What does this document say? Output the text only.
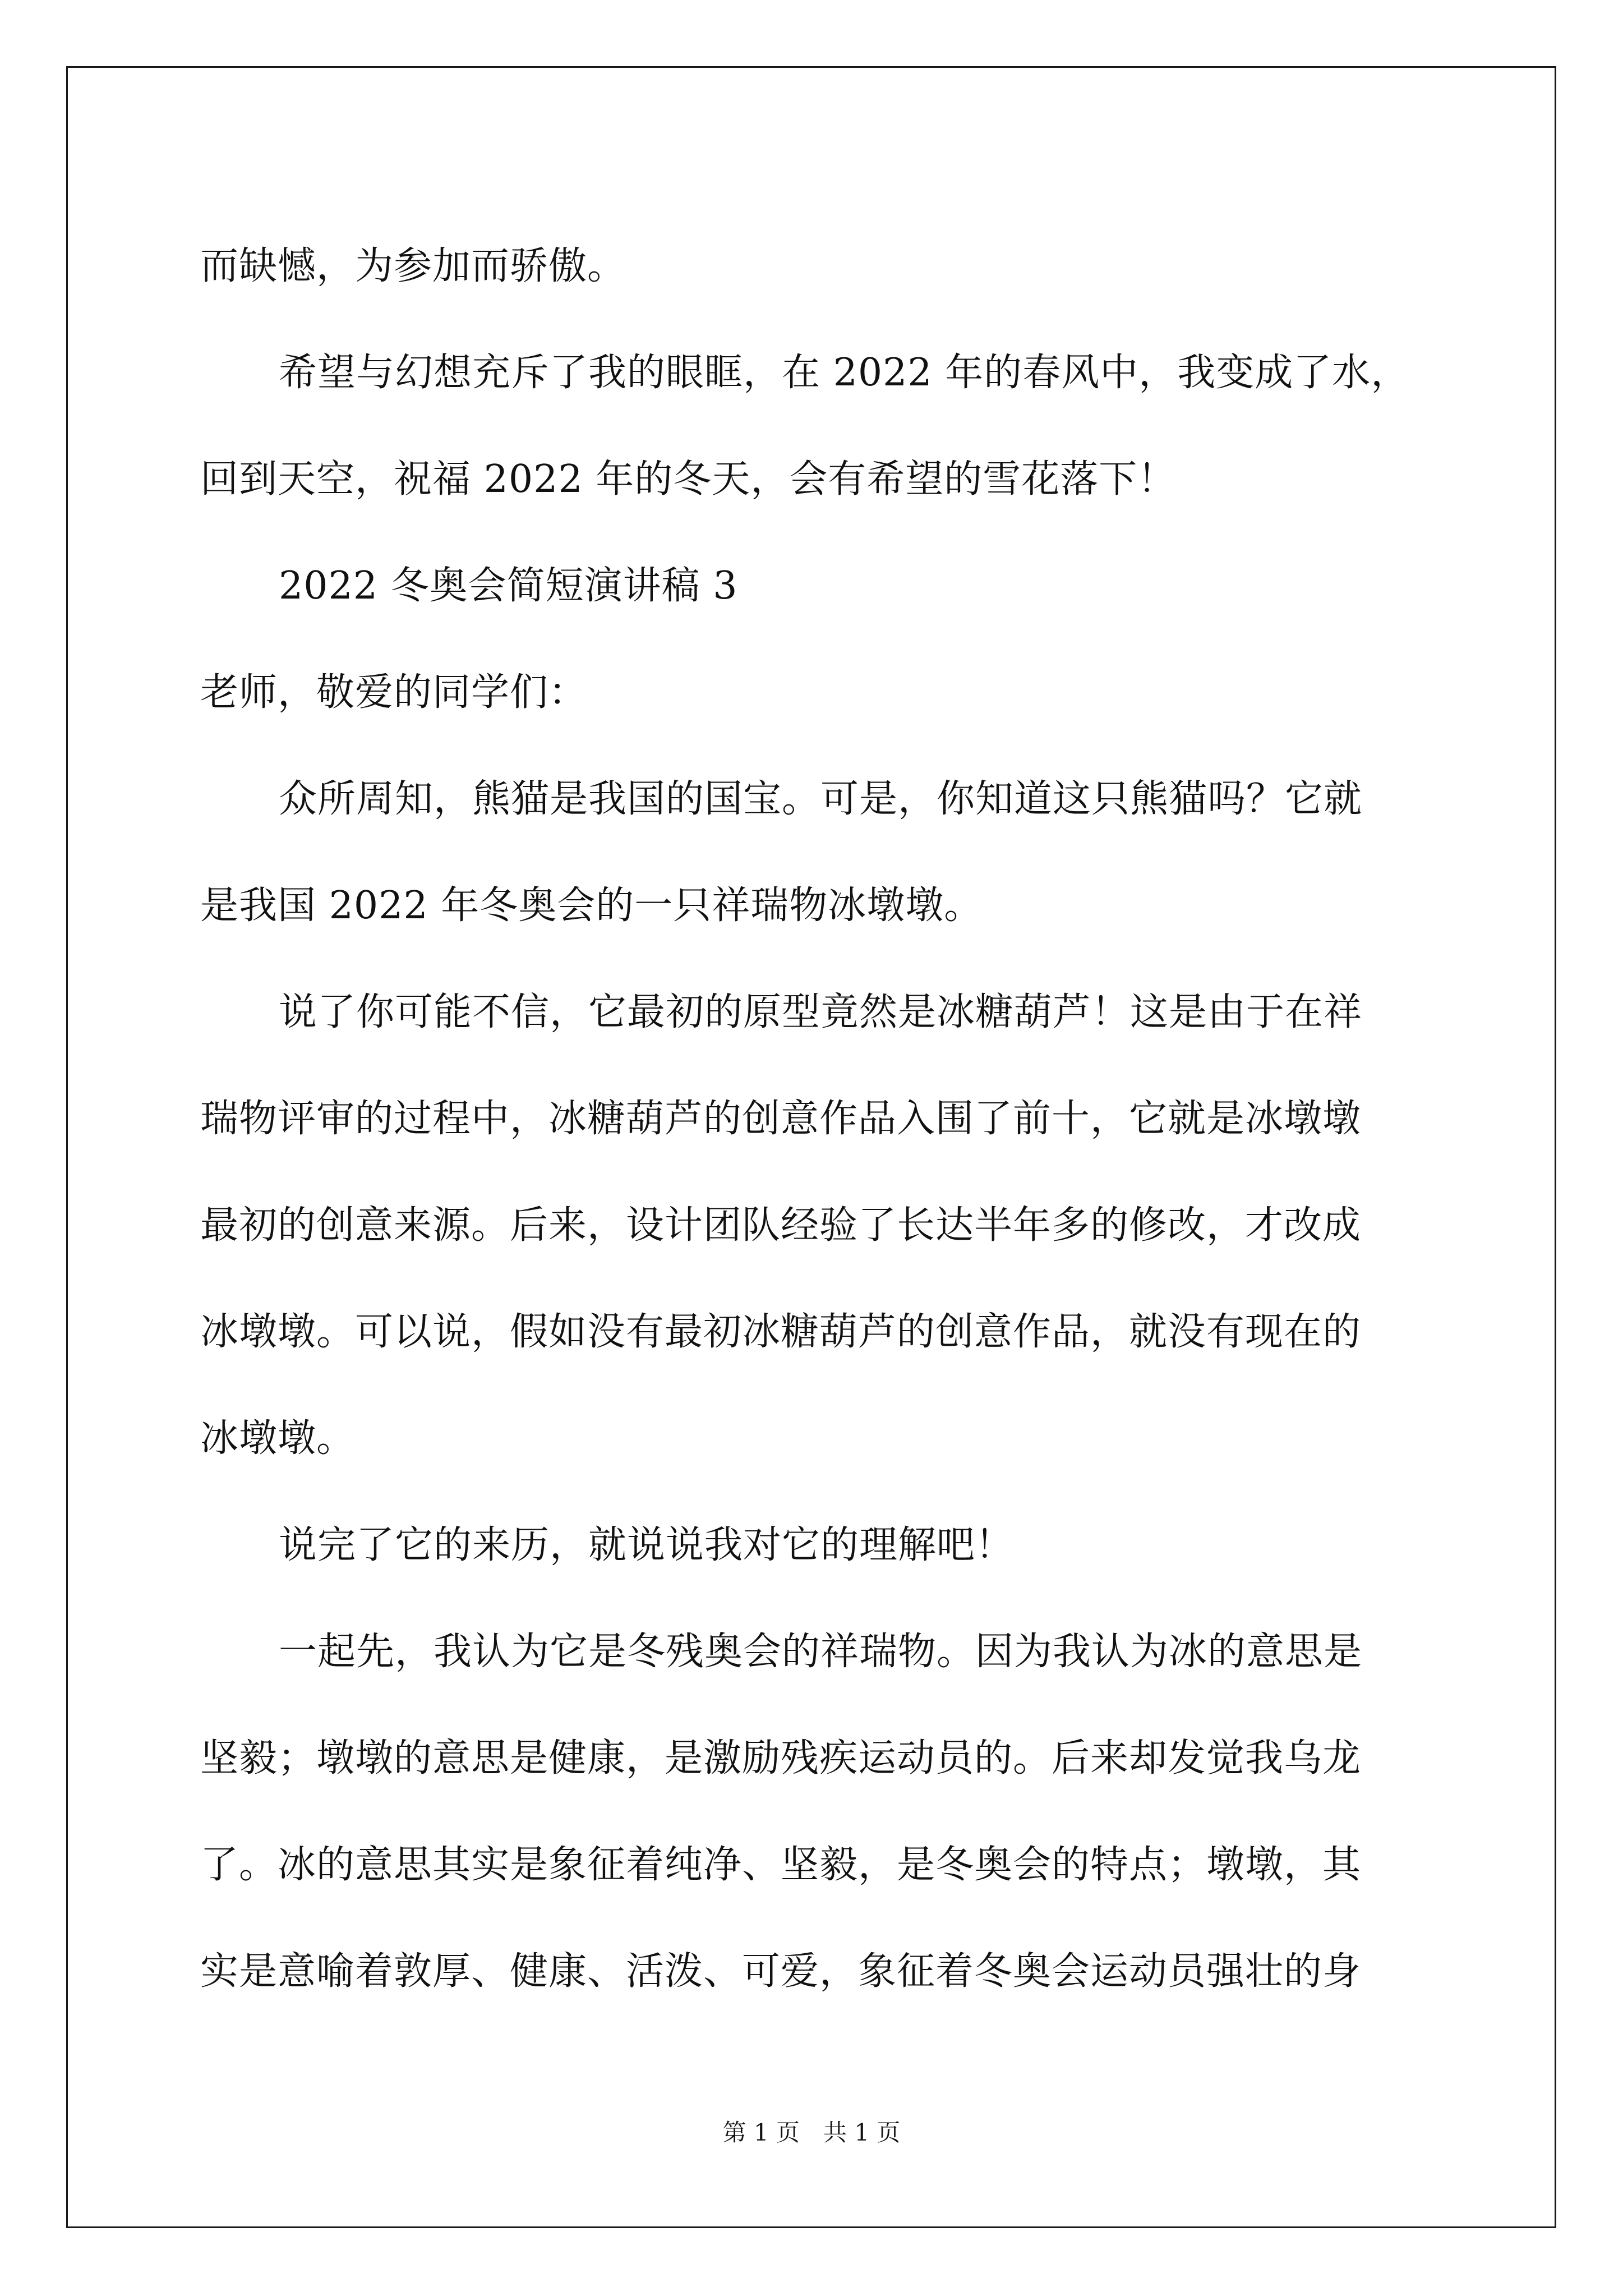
而缺憾，为参加而骄傲。
希望与幻想充斥了我的眼眶，在 2022 年的春风中，我变成了水，
回到天空，祝福 2022 年的冬天，会有希望的雪花落下！
2022 冬奥会简短演讲稿 3
老师，敬爱的同学们：
众所周知，熊猫是我国的国宝。可是，你知道这只熊猫吗？它就
是我国 2022 年冬奥会的一只祥瑞物冰墩墩。
说了你可能不信，它最初的原型竟然是冰糖葫芦！这是由于在祥
瑞物评审的过程中，冰糖葫芦的创意作品入围了前十，它就是冰墩墩
最初的创意来源。后来，设计团队经验了长达半年多的修改，才改成
冰墩墩。可以说，假如没有最初冰糖葫芦的创意作品，就没有现在的
冰墩墩。
说完了它的来历，就说说我对它的理解吧！
一起先，我认为它是冬残奥会的祥瑞物。因为我认为冰的意思是
坚毅；墩墩的意思是健康，是激励残疾运动员的。后来却发觉我乌龙
了。冰的意思其实是象征着纯净、坚毅，是冬奥会的特点；墩墩，其
实是意喻着敦厚、健康、活泼、可爱，象征着冬奥会运动员强壮的身
第 1 页　共 1 页
